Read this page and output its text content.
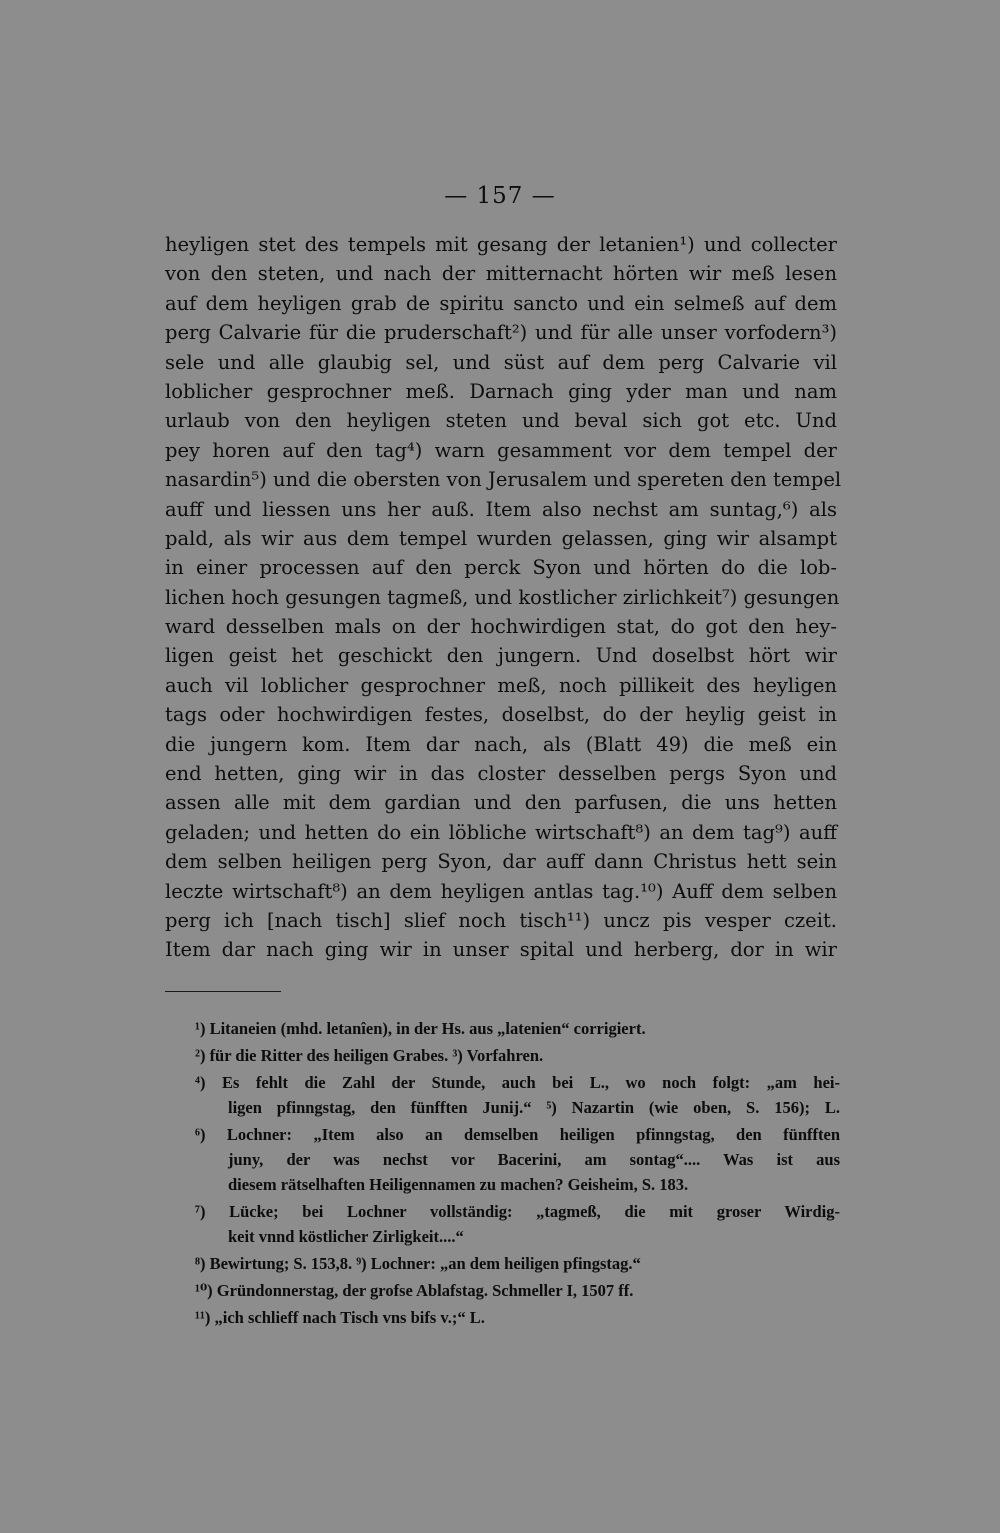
— 157 —
heyligen stet des tempels mit gesang der letanien¹) und collecter
von den steten, und nach der mitternacht hörten wir meß lesen
auf dem heyligen grab de spiritu sancto und ein selmeß auf dem
perg Calvarie für die pruderschaft²) und für alle unser vorfodern³)
sele und alle glaubig sel, und süst auf dem perg Calvarie vil
loblicher gesprochner meß. Darnach ging yder man und nam
urlaub von den heyligen steten und beval sich got etc. Und
pey horen auf den tag⁴) warn gesamment vor dem tempel der
nasardin⁵) und die obersten von Jerusalem und spereten den tempel
auff und liessen uns her auß. Item also nechst am suntag,⁶) als
pald, als wir aus dem tempel wurden gelassen, ging wir alsampt
in einer processen auf den perck Syon und hörten do die lob-
lichen hoch gesungen tagmeß, und kostlicher zirlichkeit⁷) gesungen
ward desselben mals on der hochwirdigen stat, do got den hey-
ligen geist het geschickt den jungern. Und doselbst hört wir
auch vil loblicher gesprochner meß, noch pillikeit des heyligen
tags oder hochwirdigen festes, doselbst, do der heylig geist in
die jungern kom. Item dar nach, als (Blatt 49) die meß ein
end hetten, ging wir in das closter desselben pergs Syon und
assen alle mit dem gardian und den parfusen, die uns hetten
geladen; und hetten do ein löbliche wirtschaft⁸) an dem tag⁹) auff
dem selben heiligen perg Syon, dar auff dann Christus hett sein
leczte wirtschaft⁸) an dem heyligen antlas tag.¹⁰) Auff dem selben
perg ich [nach tisch] slief noch tisch¹¹) uncz pis vesper czeit.
Item dar nach ging wir in unser spital und herberg, dor in wir
¹) Litaneien (mhd. letanîen), in der Hs. aus „latenien“ corrigiert.
²) für die Ritter des heiligen Grabes. ³) Vorfahren.
⁴) Es fehlt die Zahl der Stunde, auch bei L., wo noch folgt: „am hei-
ligen pfinngstag, den fünfften Junij.“ ⁵) Nazartin (wie oben, S. 156); L.
⁶) Lochner: „Item also an demselben heiligen pfinngstag, den fünfften
juny, der was nechst vor Bacerini, am sontag“.... Was ist aus
diesem rätselhaften Heiligennamen zu machen? Geisheim, S. 183.
⁷) Lücke; bei Lochner vollständig: „tagmeß, die mit groser Wirdig-
keit vnnd köstlicher Zirligkeit....“
⁸) Bewirtung; S. 153,8. ⁹) Lochner: „an dem heiligen pfingstag.“
¹⁰) Gründonnerstag, der grofse Ablafstag. Schmeller I, 1507 ff.
¹¹) „ich schlieff nach Tisch vns bifs v.;“ L.
